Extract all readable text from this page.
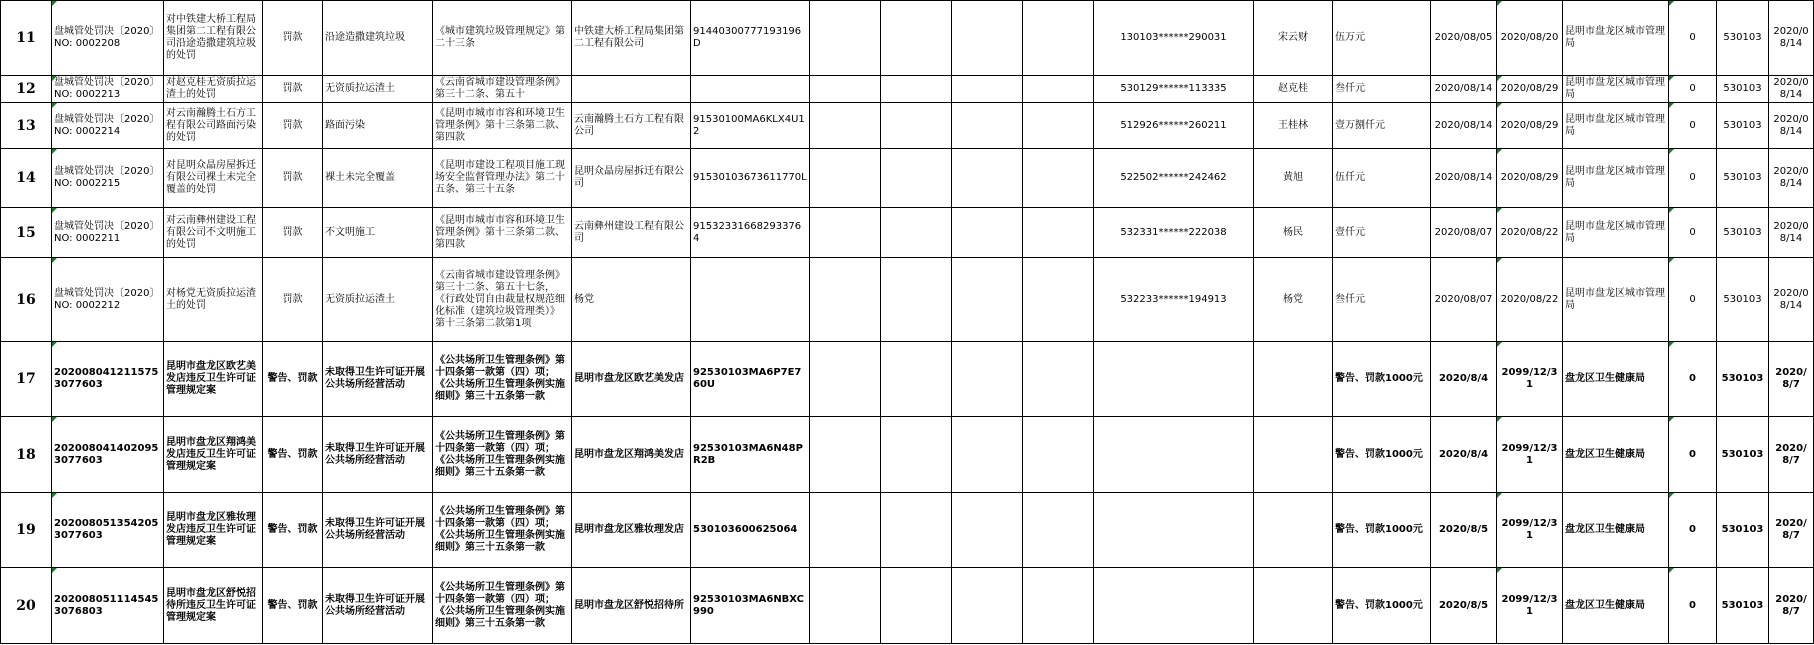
11	盘城管处罚决〔2020〕NO: 0002208	对中铁建大桥工程局集团第二工程有限公司沿途造撒建筑垃圾的处罚	罚款	沿途造撒建筑垃圾	《城市建筑垃圾管理规定》第二十三条	中铁建大桥工程局集团第二工程有限公司	91440300777193196D					130103******290031	宋云财	伍万元	2020/08/05	2020/08/20	昆明市盘龙区城市管理局	0	530103	2020/08/14
12	盘城管处罚决〔2020〕NO: 0002213	对赵克桂无资质拉运渣土的处罚	罚款	无资质拉运渣土	《云南省城市建设管理条例》第三十二条、第五十							530129******113335	赵克桂	叁仟元	2020/08/14	2020/08/29	昆明市盘龙区城市管理局	0	530103	2020/08/14
13	盘城管处罚决〔2020〕NO: 0002214	对云南瀚腾土石方工程有限公司路面污染的处罚	罚款	路面污染	《昆明市城市市容和环境卫生管理条例》第十三条第二款、第四款	云南瀚腾土石方工程有限公司	91530100MA6KLX4U12					512926******260211	王桂林	壹万捌仟元	2020/08/14	2020/08/29	昆明市盘龙区城市管理局	0	530103	2020/08/14
14	盘城管处罚决〔2020〕NO: 0002215	对昆明众晶房屋拆迁有限公司裸土未完全覆盖的处罚	罚款	裸土未完全覆盖	《昆明市建设工程项目施工现场安全监督管理办法》第二十五条、第三十五条	昆明众晶房屋拆迁有限公司	91530103673611770L					522502******242462	黄旭	伍仟元	2020/08/14	2020/08/29	昆明市盘龙区城市管理局	0	530103	2020/08/14
15	盘城管处罚决〔2020〕NO: 0002211	对云南彝州建设工程有限公司不文明施工的处罚	罚款	不文明施工	《昆明市城市市容和环境卫生管理条例》第十三条第二款、第四款	云南彝州建设工程有限公司	915323316682933764					532331******222038	杨民	壹仟元	2020/08/07	2020/08/22	昆明市盘龙区城市管理局	0	530103	2020/08/14
16	盘城管处罚决〔2020〕NO: 0002212	对杨党无资质拉运渣土的处罚	罚款	无资质拉运渣土	《云南省城市建设管理条例》第三十二条、第五十七条，《行政处罚自由裁量权规范细化标准（建筑垃圾管理类）》第十三条第二款第1项	杨党						532233******194913	杨党	叁仟元	2020/08/07	2020/08/22	昆明市盘龙区城市管理局	0	530103	2020/08/14
17	2020080412115753077603	昆明市盘龙区欧艺美发店违反卫生许可证管理规定案	警告、罚款	未取得卫生许可证开展公共场所经营活动	《公共场所卫生管理条例》第十四条第一款第（四）项；《公共场所卫生管理条例实施细则》第三十五条第一款	昆明市盘龙区欧艺美发店	92530103MA6P7E760U							警告、罚款1000元	2020/8/4	2099/12/31	盘龙区卫生健康局	0	530103	2020/8/7
18	2020080414020953077603	昆明市盘龙区翔鸿美发店违反卫生许可证管理规定案	警告、罚款	未取得卫生许可证开展公共场所经营活动	《公共场所卫生管理条例》第十四条第一款第（四）项；《公共场所卫生管理条例实施细则》第三十五条第一款	昆明市盘龙区翔鸿美发店	92530103MA6N48PR2B							警告、罚款1000元	2020/8/4	2099/12/31	盘龙区卫生健康局	0	530103	2020/8/7
19	2020080513542053077603	昆明市盘龙区雅妆理发店违反卫生许可证管理规定案	警告、罚款	未取得卫生许可证开展公共场所经营活动	《公共场所卫生管理条例》第十四条第一款第（四）项；《公共场所卫生管理条例实施细则》第三十五条第一款	昆明市盘龙区雅妆理发店	530103600625064							警告、罚款1000元	2020/8/5	2099/12/31	盘龙区卫生健康局	0	530103	2020/8/7
20	2020080511145453076803	昆明市盘龙区舒悦招待所违反卫生许可证管理规定案	警告、罚款	未取得卫生许可证开展公共场所经营活动	《公共场所卫生管理条例》第十四条第一款第（四）项；《公共场所卫生管理条例实施细则》第三十五条第一款	昆明市盘龙区舒悦招待所	92530103MA6NBXC990							警告、罚款1000元	2020/8/5	2099/12/31	盘龙区卫生健康局	0	530103	2020/8/7
